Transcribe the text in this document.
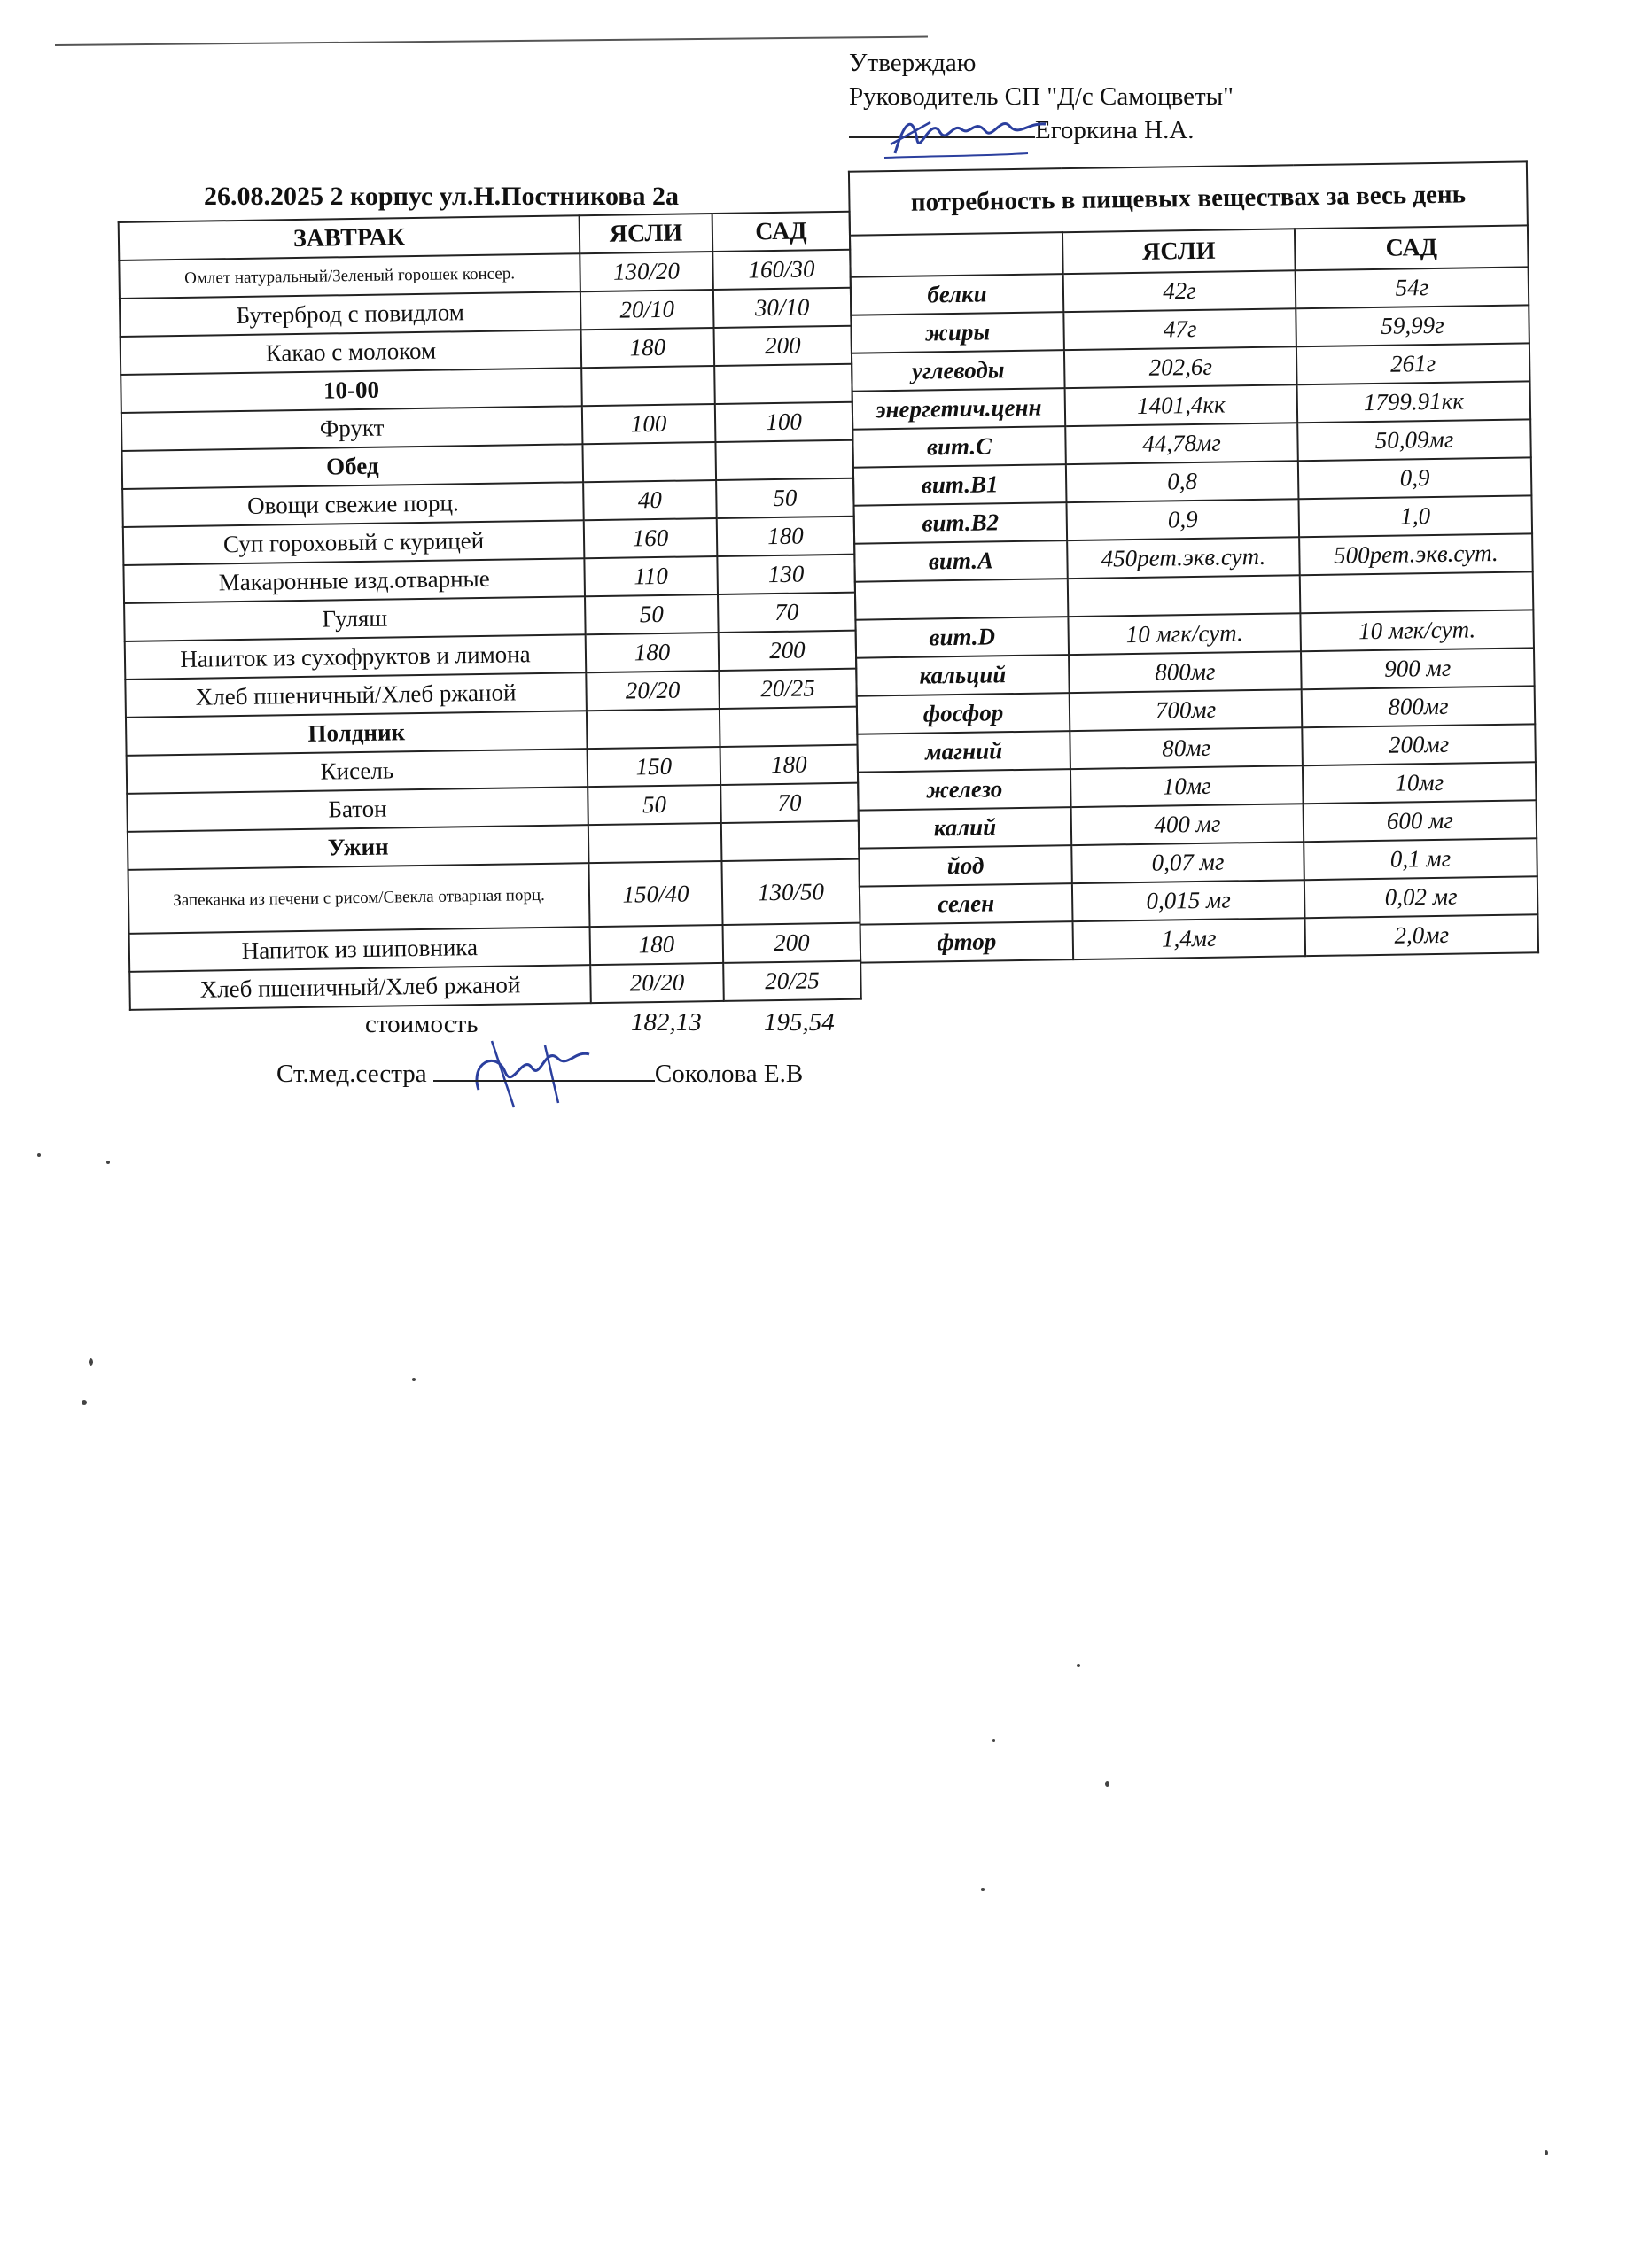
Утверждаю
Руководитель СП "Д/с Самоцветы"
Егоркина Н.А.
26.08.2025 2 корпус ул.Н.Постникова 2а
ЗАВТРАК	ЯСЛИ	САД
Омлет натуральный/Зеленый горошек консер.	130/20	160/30
Бутерброд с повидлом	20/10	30/10
Какао с молоком	180	200
10-00		
Фрукт	100	100
Обед		
Овощи свежие порц.	40	50
Суп гороховый с курицей	160	180
Макаронные изд.отварные	110	130
Гуляш	50	70
Напиток из сухофруктов и лимона	180	200
Хлеб пшеничный/Хлеб ржаной	20/20	20/25
Полдник		
Кисель	150	180
Батон	50	70
Ужин		
Запеканка из печени с рисом/Свекла отварная порц.	150/40	130/50
Напиток из шиповника	180	200
Хлеб пшеничный/Хлеб ржаной	20/20	20/25
потребность в пищевых веществах за весь день		
	ЯСЛИ	САД
белки	42г	54г
жиры	47г	59,99г
углеводы	202,6г	261г
энергетич.ценн	1401,4кк	1799.91кк
вит.С	44,78мг	50,09мг
вит.В1	0,8	0,9
вит.В2	0,9	1,0
вит.А	450рет.экв.сут.	500рет.экв.сут.

вит.D	10 мгк/сут.	10 мгк/сут.
кальций	800мг	900 мг
фосфор	700мг	800мг
магний	80мг	200мг
железо	10мг	10мг
калий	400 мг	600 мг
йод	0,07 мг	0,1 мг
селен	0,015 мг	0,02 мг
фтор	1,4мг	2,0мг
стоимость	182,13 195,54
Ст.мед.сестра	Соколова Е.В
